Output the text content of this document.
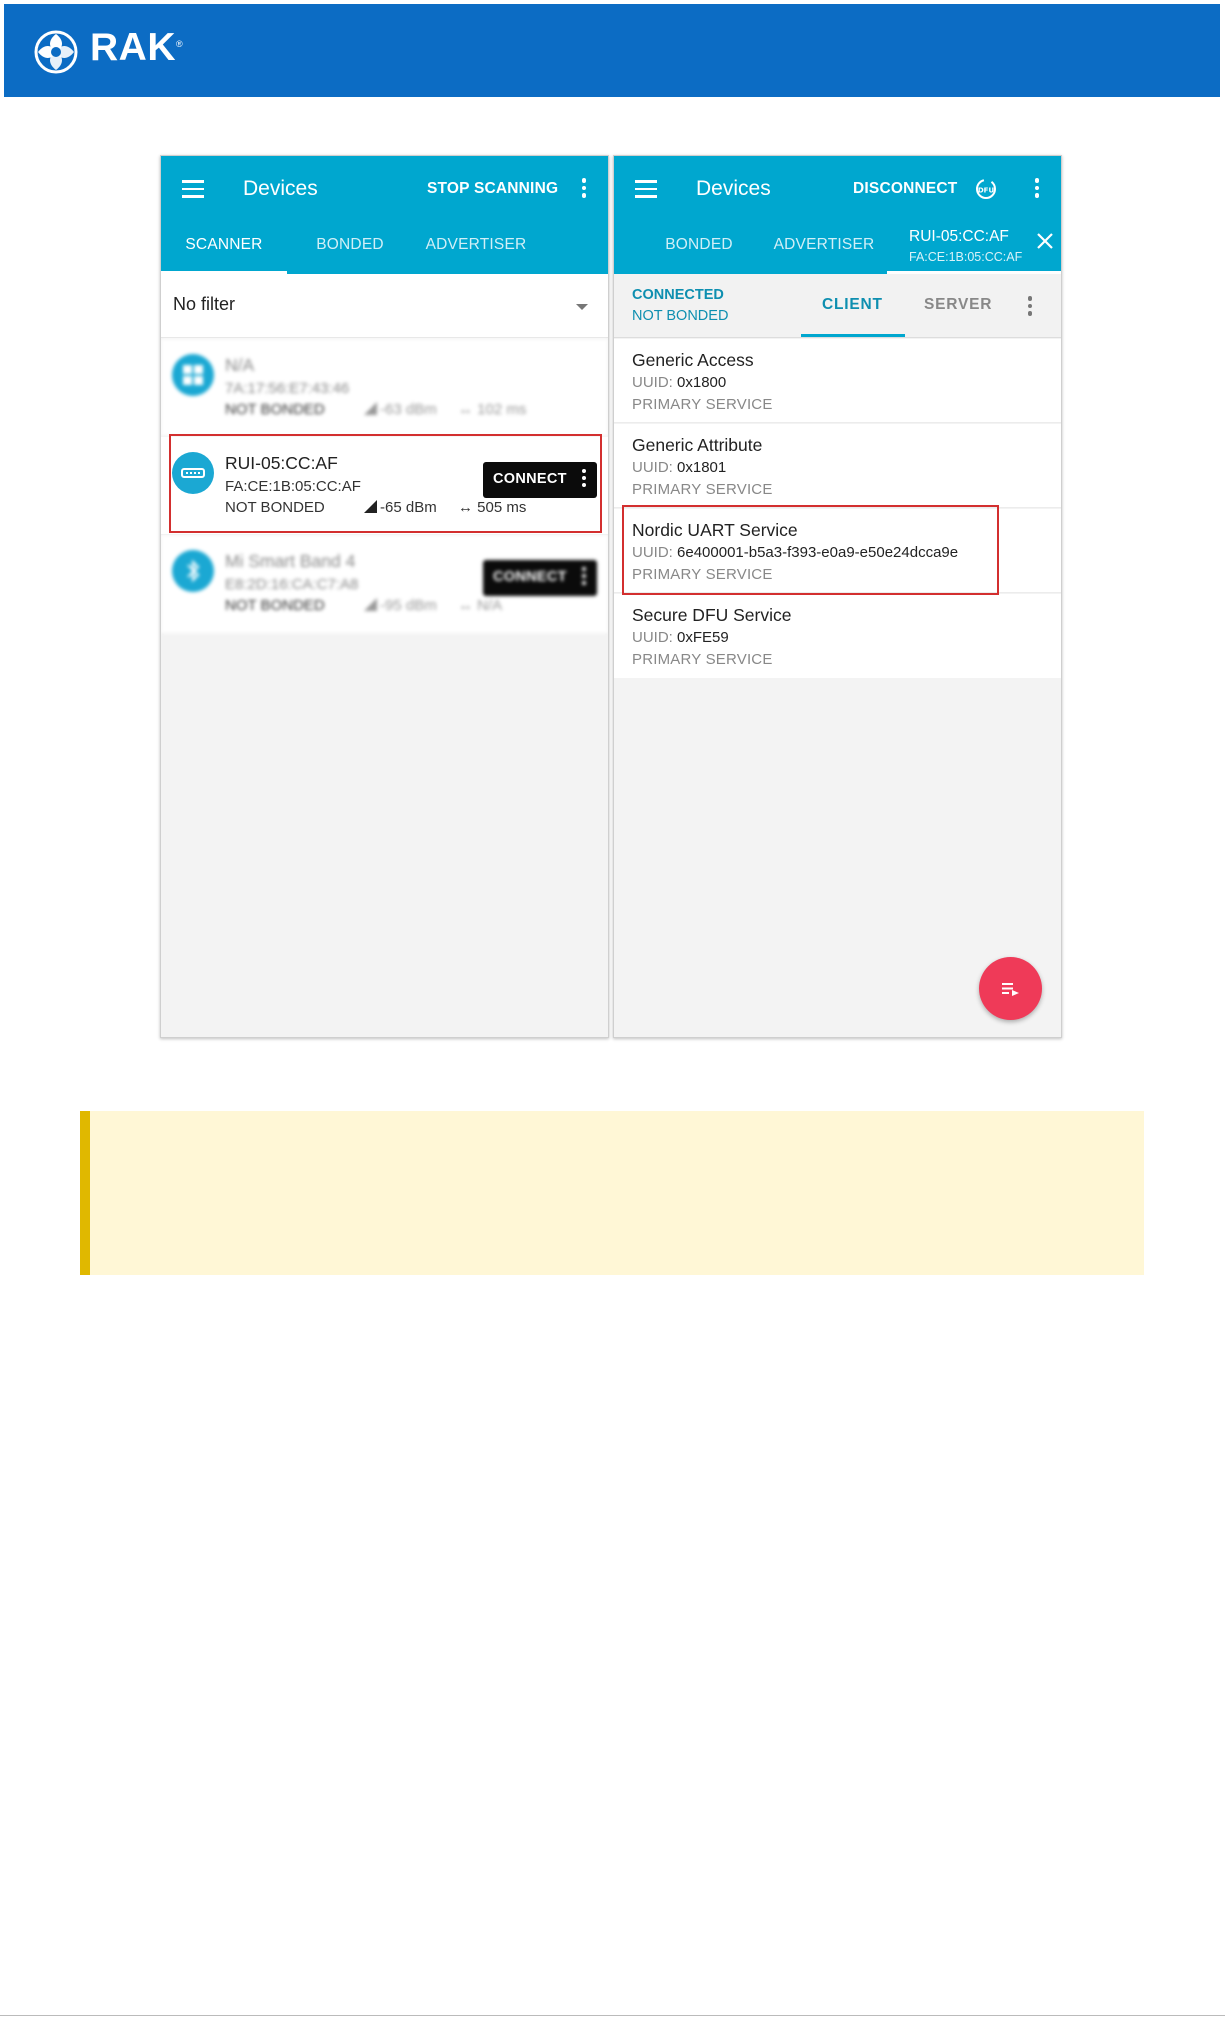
RAK ®
Devices	STOP SCANNING
SCANNER	BONDED	ADVERTISER
No filter
N/A
7A:17:56:E7:43:46
NOT BONDED	-63 dBm ↔ 102 ms
RUI-05:CC:AF
FA:CE:1B:05:CC:AF
NOT BONDED	-65 dBm ↔ 505 ms
CONNECT
Mi Smart Band 4
E8:2D:16:CA:C7:A8
NOT BONDED	-95 dBm ↔ N/A
CONNECT
Devices	DISCONNECT	DFU
BONDED	ADVERTISER	RUI-05:CC:AF
FA:CE:1B:05:CC:AF
CONNECTED
NOT BONDED
CLIENT	SERVER
Generic Access
UUID: 0x1800
PRIMARY SERVICE
Generic Attribute
UUID: 0x1801
PRIMARY SERVICE
Nordic UART Service
UUID: 6e400001-b5a3-f393-e0a9-e50e24dcca9e
PRIMARY SERVICE
Secure DFU Service
UUID: 0xFE59
PRIMARY SERVICE
